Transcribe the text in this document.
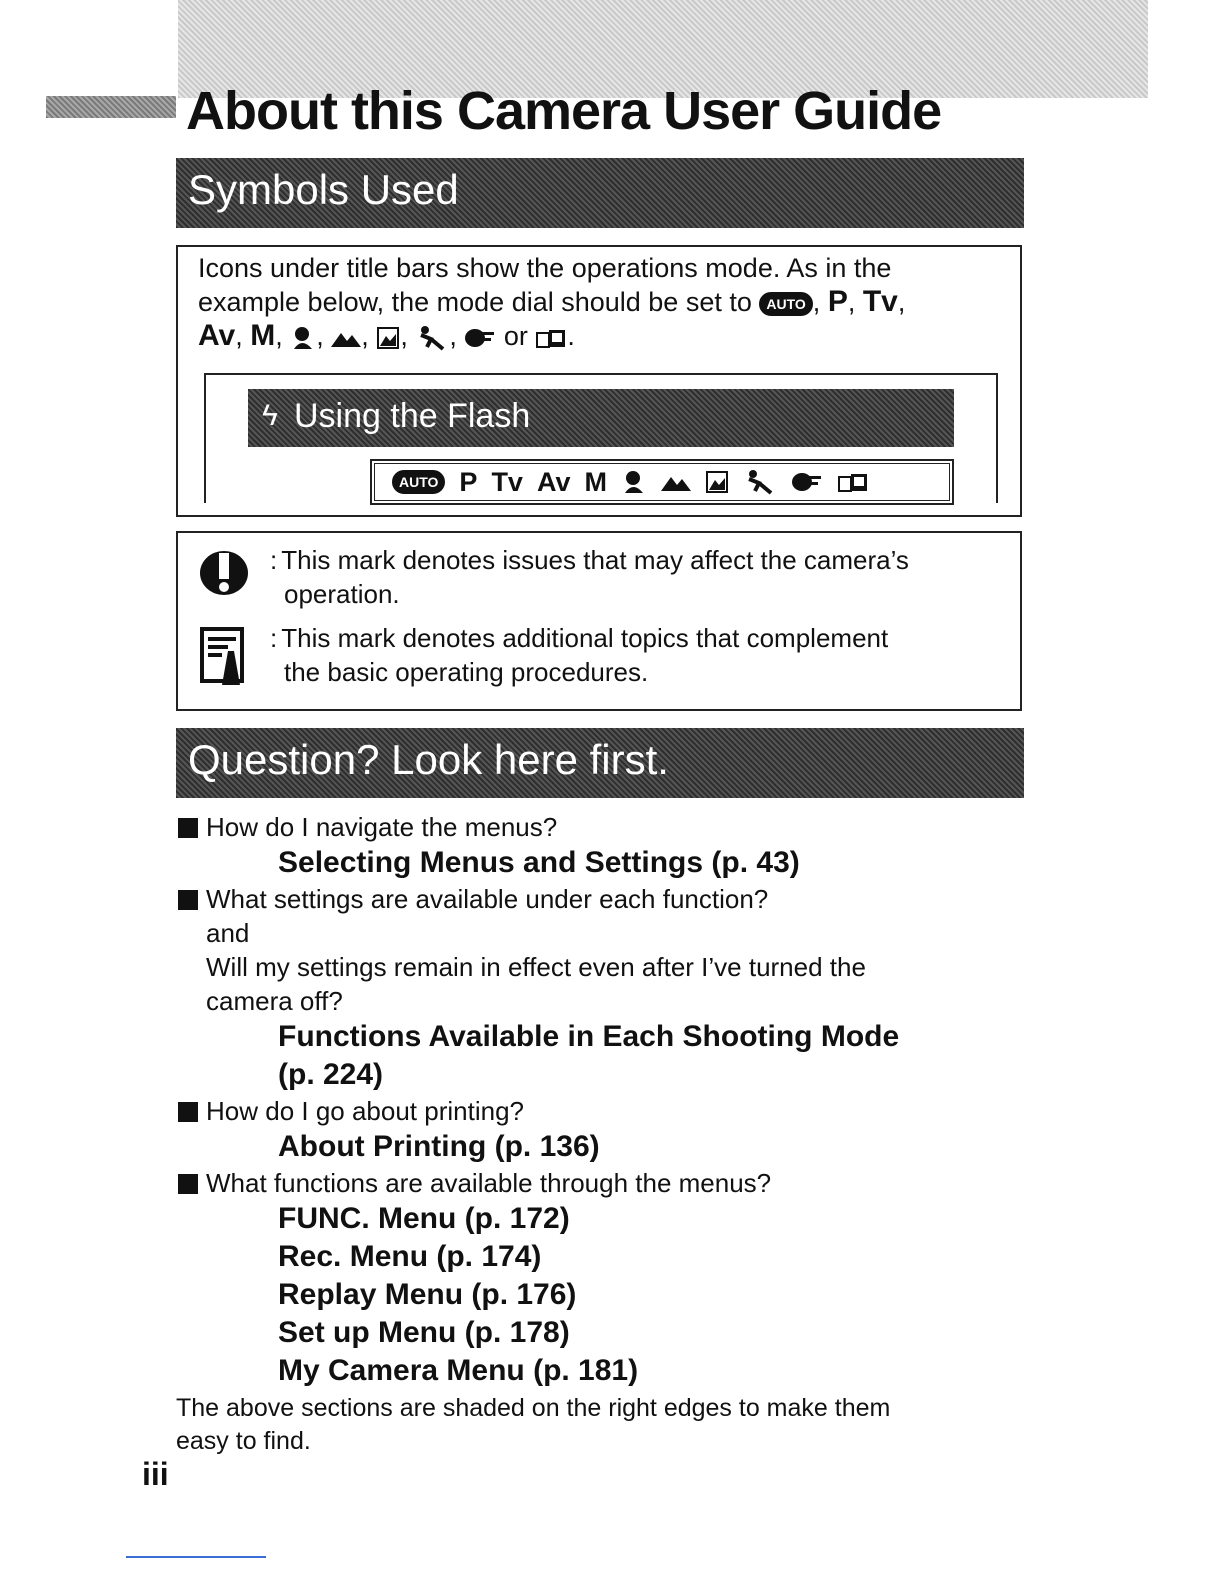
About this Camera User Guide
Symbols Used
Icons under title bars show the operations mode. As in the
example below, the mode dial should be set to AUTO , P, Tv,
Av, M, , , , ,  or .
ϟ Using the Flash
AUTO P Tv Av M
: This mark denotes issues that may affect the camera’s
operation.
: This mark denotes additional topics that complement
the basic operating procedures.
Question? Look here first.
How do I navigate the menus?
Selecting Menus and Settings (p. 43)
What settings are available under each function?
and
Will my settings remain in effect even after I’ve turned the
camera off?
Functions Available in Each Shooting Mode
(p. 224)
How do I go about printing?
About Printing (p. 136)
What functions are available through the menus?
FUNC. Menu (p. 172)
Rec. Menu (p. 174)
Replay Menu (p. 176)
Set up Menu (p. 178)
My Camera Menu (p. 181)
The above sections are shaded on the right edges to make them
easy to find.
iii
